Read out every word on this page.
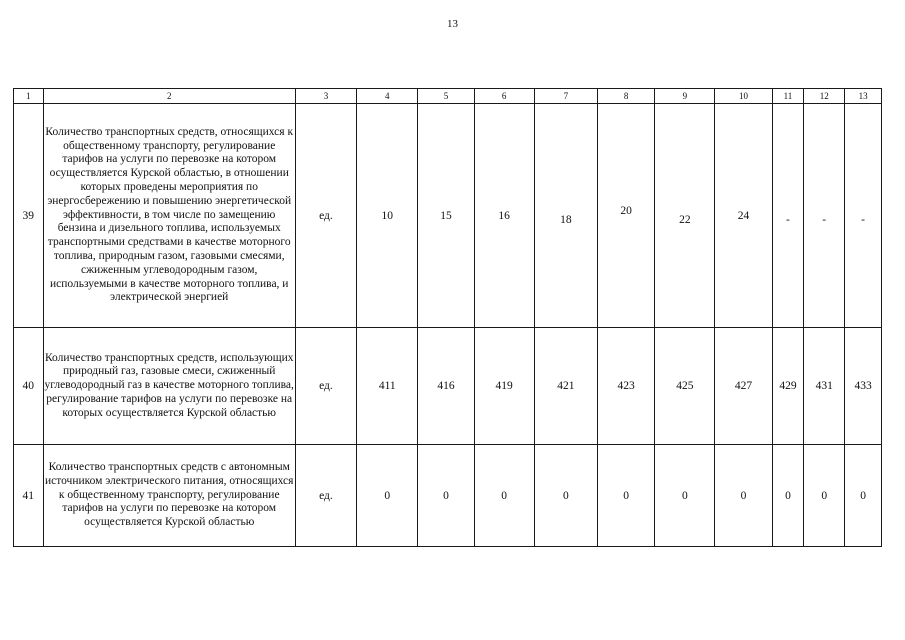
13
1	2	3	4	5	6	7	8	9	10	11	12	13
39	Количество транспортных средств, относящихся к общественному транспорту, регулирование тарифов на услуги по перевозке на котором осуществляется Курской областью, в отношении которых проведены мероприятия по энергосбережению и повышению энергетической эффективности, в том числе по замещению бензина и дизельного топлива, используемых транспортными средствами в качестве моторного топлива, природным газом, газовыми смесями, сжиженным углеводородным газом, используемыми в качестве моторного топлива, и электрической энергией	ед.	10	15	16	18	20	22	24	-	-	-
40	Количество транспортных средств, использующих природный газ, газовые смеси, сжиженный углеводородный газ в качестве моторного топлива, регулирование тарифов на услуги по перевозке на которых осуществляется Курской областью	ед.	411	416	419	421	423	425	427	429	431	433
41	Количество транспортных средств с автономным источником электрического питания, относящихся к общественному транспорту, регулирование тарифов на услуги по перевозке на котором осуществляется Курской областью	ед.	0	0	0	0	0	0	0	0	0	0
